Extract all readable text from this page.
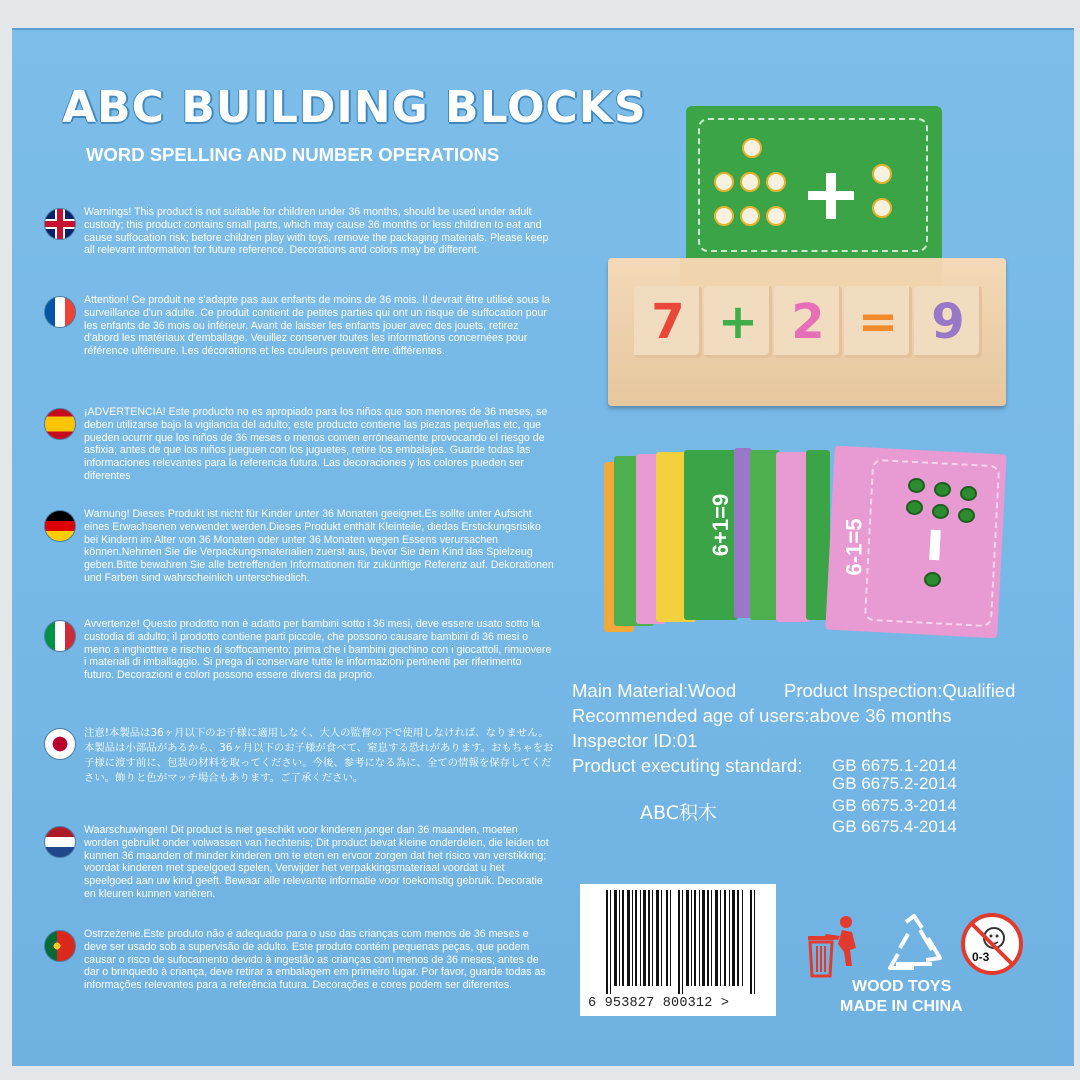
ABC BUILDING BLOCKS
WORD SPELLING AND NUMBER OPERATIONS
Warnings! This product is not suitable for children under 36 months, should be used under adult custody; this product contains small parts, which may cause 36 months or less children to eat and cause suffocation risk; before children play with toys, remove the packaging materials. Please keep all relevant information for future reference. Decorations and colors may be different.
Attention! Ce produit ne s'adapte pas aux enfants de moins de 36 mois. Il devrait être utilisé sous la surveillance d'un adulte. Ce produit contient de petites parties qui ont un risque de suffocation pour les enfants de 36 mois ou inférieur. Avant de laisser les enfants jouer avec des jouets, retirez d'abord les matériaux d'emballage. Veuillez conserver toutes les informations concernées pour référence ultérieure. Les décorations et les couleurs peuvent être différentes.
¡ADVERTENCIA! Este producto no es apropiado para los niños que son menores de 36 meses, se deben utilizarse bajo la vigilancia del adulto; este producto contiene las piezas pequeñas etc, que pueden ocurrir que los niños de 36 meses o menos comen erróneamente provocando el riesgo de asfixia; antes de que los niños jueguen con los juguetes, retire los embalajes. Guarde todas las informaciones relevantes para la referencia futura. Las decoraciones y los colores pueden ser diferentes
Warnung! Dieses Produkt ist nicht für Kinder unter 36 Monaten geeignet.Es sollte unter Aufsicht eines Erwachsenen verwendet werden.Dieses Produkt enthält Kleinteile, diedas Erstickungsrisiko bei Kindern im Alter von 36 Monaten oder unter 36 Monaten wegen Essens verursachen können.Nehmen Sie die Verpackungsmaterialien zuerst aus, bevor Sie dem Kind das Spielzeug geben.Bitte bewahren Sie alle betreffenden Informationen für zukünftige Referenz auf. Dekorationen und Farben sind wahrscheinlich unterschiedlich.
Avvertenze! Questo prodotto non è adatto per bambini sotto i 36 mesi, deve essere usato sotto la custodia di adulto; il prodotto contiene parti piccole, che possono causare bambini di 36 mesi o meno a inghiottire e rischio di soffocamento; prima che i bambini giochino con i giocattoli, rimuovere i materiali di imballaggio. Si prega di conservare tutte le informazioni pertinenti per riferimento futuro. Decorazioni e colori possono essere diversi da proprio.
注意!本製品は36ヶ月以下のお子様に適用しなく、大人の監督の下で使用しなければ、なりません。本製品は小部品があるから、36ヶ月以下のお子様が食べて、窒息する恐れがあります。おもちゃをお子様に渡す前に、包装の材料を取ってください。今後、参考になる為に、全ての情報を保存してください。飾りと色がマッチ場合もあります。ご了承ください。
Waarschuwingen! Dit product is niet geschikt voor kinderen jonger dan 36 maanden, moeten worden gebruikt onder volwassen van hechtenis; Dit product bevat kleine onderdelen, die leiden tot kunnen 36 maanden of minder kinderen om te eten en ervoor zorgen dat het risico van verstikking; voordat kinderen met speelgoed spelen, Verwijder het verpakkingsmateriaal voordat u het speelgoed aan uw kind geeft. Bewaar alle relevante informatie voor toekomstig gebruik. Decoratie en kleuren kunnen variëren.
Ostrzeżenie.Este produto não é adequado para o uso das crianças com menos de 36 meses e deve ser usado sob a supervisão de adulto. Este produto contém pequenas peças, que podem causar o risco de sufocamento devido à ingestão as crianças com menos de 36 meses; antes de dar o brinquedo à criança, deve retirar a embalagem em primeiro lugar. Por favor, guarde todas as informações relevantes para a referência futura. Decorações e cores podem ser diferentes.
7 + 2 = 9
6+1=9	6-1=5
Main Material:Wood	Product Inspection:Qualified
Recommended age of users:above 36 months
Inspector ID:01
Product executing standard: GB 6675.1-2014
GB 6675.2-2014
GB 6675.3-2014
GB 6675.4-2014
ABC积木
6 953827 800312 >
0-3
WOOD TOYS
MADE IN CHINA
